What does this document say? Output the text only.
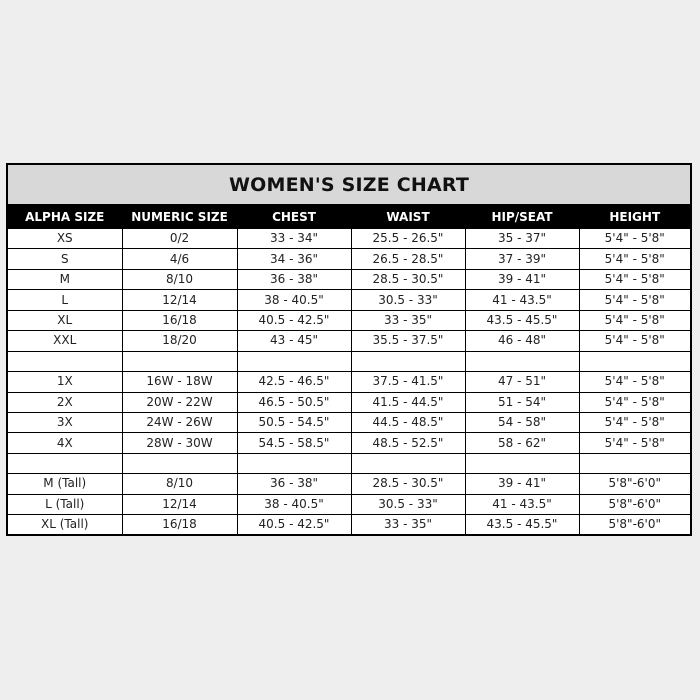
WOMEN'S SIZE CHART
ALPHA SIZE	NUMERIC SIZE	CHEST	WAIST	HIP/SEAT	HEIGHT
XS	0/2	33 - 34"	25.5 - 26.5"	35 - 37"	5'4" - 5'8"
S	4/6	34 - 36"	26.5 - 28.5"	37 - 39"	5'4" - 5'8"
M	8/10	36 - 38"	28.5 - 30.5"	39 - 41"	5'4" - 5'8"
L	12/14	38 - 40.5"	30.5 - 33"	41 - 43.5"	5'4" - 5'8"
XL	16/18	40.5 - 42.5"	33 - 35"	43.5 - 45.5"	5'4" - 5'8"
XXL	18/20	43 - 45"	35.5 - 37.5"	46 - 48"	5'4" - 5'8"

1X	16W - 18W	42.5 - 46.5"	37.5 - 41.5"	47 - 51"	5'4" - 5'8"
2X	20W - 22W	46.5 - 50.5"	41.5 - 44.5"	51 - 54"	5'4" - 5'8"
3X	24W - 26W	50.5 - 54.5"	44.5 - 48.5"	54 - 58"	5'4" - 5'8"
4X	28W - 30W	54.5 - 58.5"	48.5 - 52.5"	58 - 62"	5'4" - 5'8"

M (Tall)	8/10	36 - 38"	28.5 - 30.5"	39 - 41"	5'8"-6'0"
L (Tall)	12/14	38 - 40.5"	30.5 - 33"	41 - 43.5"	5'8"-6'0"
XL (Tall)	16/18	40.5 - 42.5"	33 - 35"	43.5 - 45.5"	5'8"-6'0"
